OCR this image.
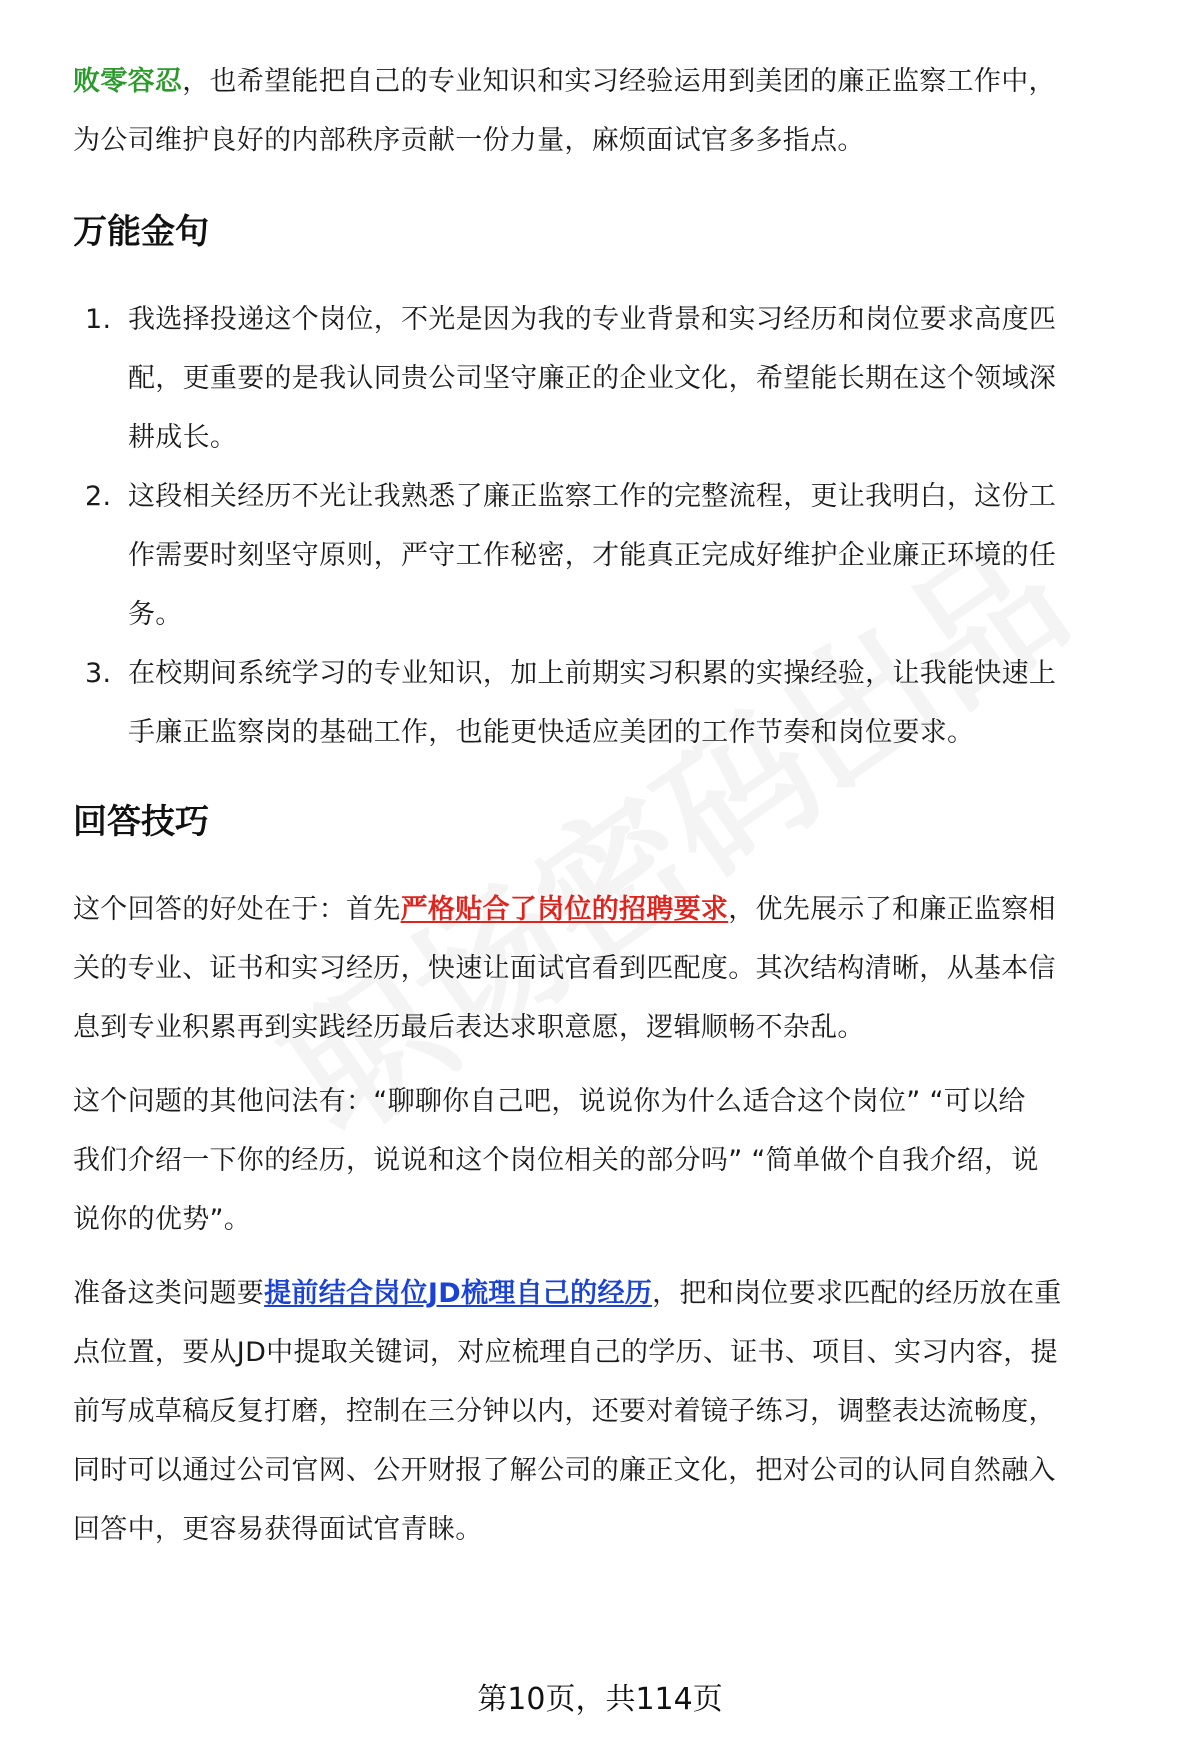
败零容忍，也希望能把自己的专业知识和实习经验运用到美团的廉正监察工作中，

为公司维护良好的内部秩序贡献一份力量，麻烦面试官多多指点。

万能金句
1. 我选择投递这个岗位，不光是因为我的专业背景和实习经历和岗位要求高度匹

配，更重要的是我认同贵公司坚守廉正的企业文化，希望能长期在这个领域深

耕成长。

2. 这段相关经历不光让我熟悉了廉正监察工作的完整流程，更让我明白，这份工

作需要时刻坚守原则，严守工作秘密，才能真正完成好维护企业廉正环境的任

务。

3. 在校期间系统学习的专业知识，加上前期实习积累的实操经验，让我能快速上

手廉正监察岗的基础工作，也能更快适应美团的工作节奏和岗位要求。

回答技巧

这个回答的好处在于：首先严格贴合了岗位的招聘要求，优先展示了和廉正监察相

关的专业、证书和实习经历，快速让面试官看到匹配度。其次结构清晰，从基本信

息到专业积累再到实践经历最后表达求职意愿，逻辑顺畅不杂乱。

这个问题的其他问法有：“聊聊你自己吧，说说你为什么适合这个岗位” “可以给

我们介绍一下你的经历，说说和这个岗位相关的部分吗” “简单做个自我介绍，说

说你的优势”。

准备这类问题要提前结合岗位JD梳理自己的经历，把和岗位要求匹配的经历放在重

点位置，要从JD中提取关键词，对应梳理自己的学历、证书、项目、实习内容，提

前写成草稿反复打磨，控制在三分钟以内，还要对着镜子练习，调整表达流畅度，

同时可以通过公司官网、公开财报了解公司的廉正文化，把对公司的认同自然融入

回答中，更容易获得面试官青睐。

第10页，共114页
